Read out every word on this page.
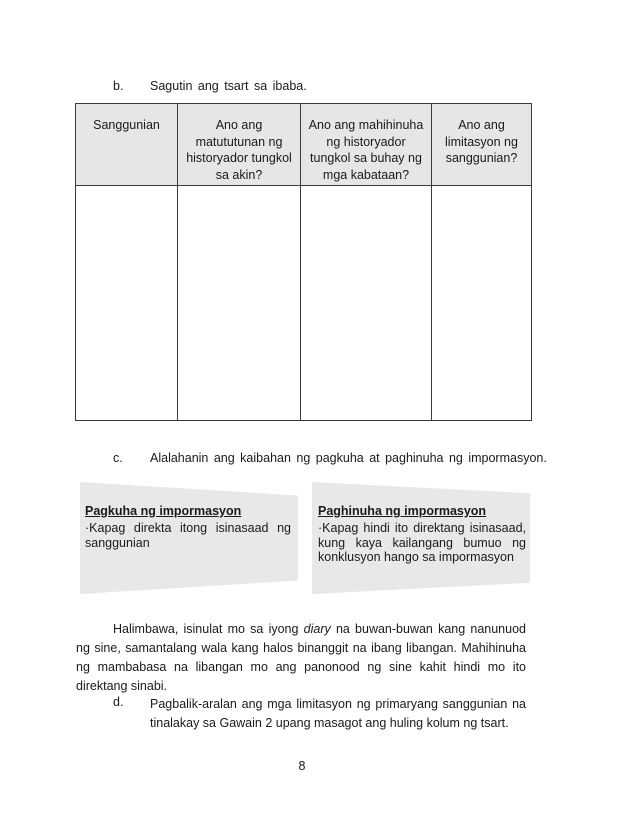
b. Sagutin ang tsart sa ibaba.
Sanggunian	Ano ang matututunan ng historyador tungkol sa akin?	Ano ang mahihinuha ng historyador tungkol sa buhay ng mga kabataan?	Ano ang limitasyon ng sanggunian?

c. Alalahanin ang kaibahan ng pagkuha at paghinuha ng impormasyon.
Pagkuha ng impormasyon
·Kapag direkta itong isinasaad ng sanggunian
Paghinuha ng impormasyon
·Kapag hindi ito direktang isinasaad, kung kaya kailangang bumuo ng konklusyon hango sa impormasyon
Halimbawa, isinulat mo sa iyong diary na buwan-buwan kang nanunuod ng sine, samantalang wala kang halos binanggit na ibang libangan. Mahihinuha ng mambabasa na libangan mo ang panonood ng sine kahit hindi mo ito direktang sinabi.
d. Pagbalik-aralan ang mga limitasyon ng primaryang sanggunian na tinalakay sa Gawain 2 upang masagot ang huling kolum ng tsart.
8
